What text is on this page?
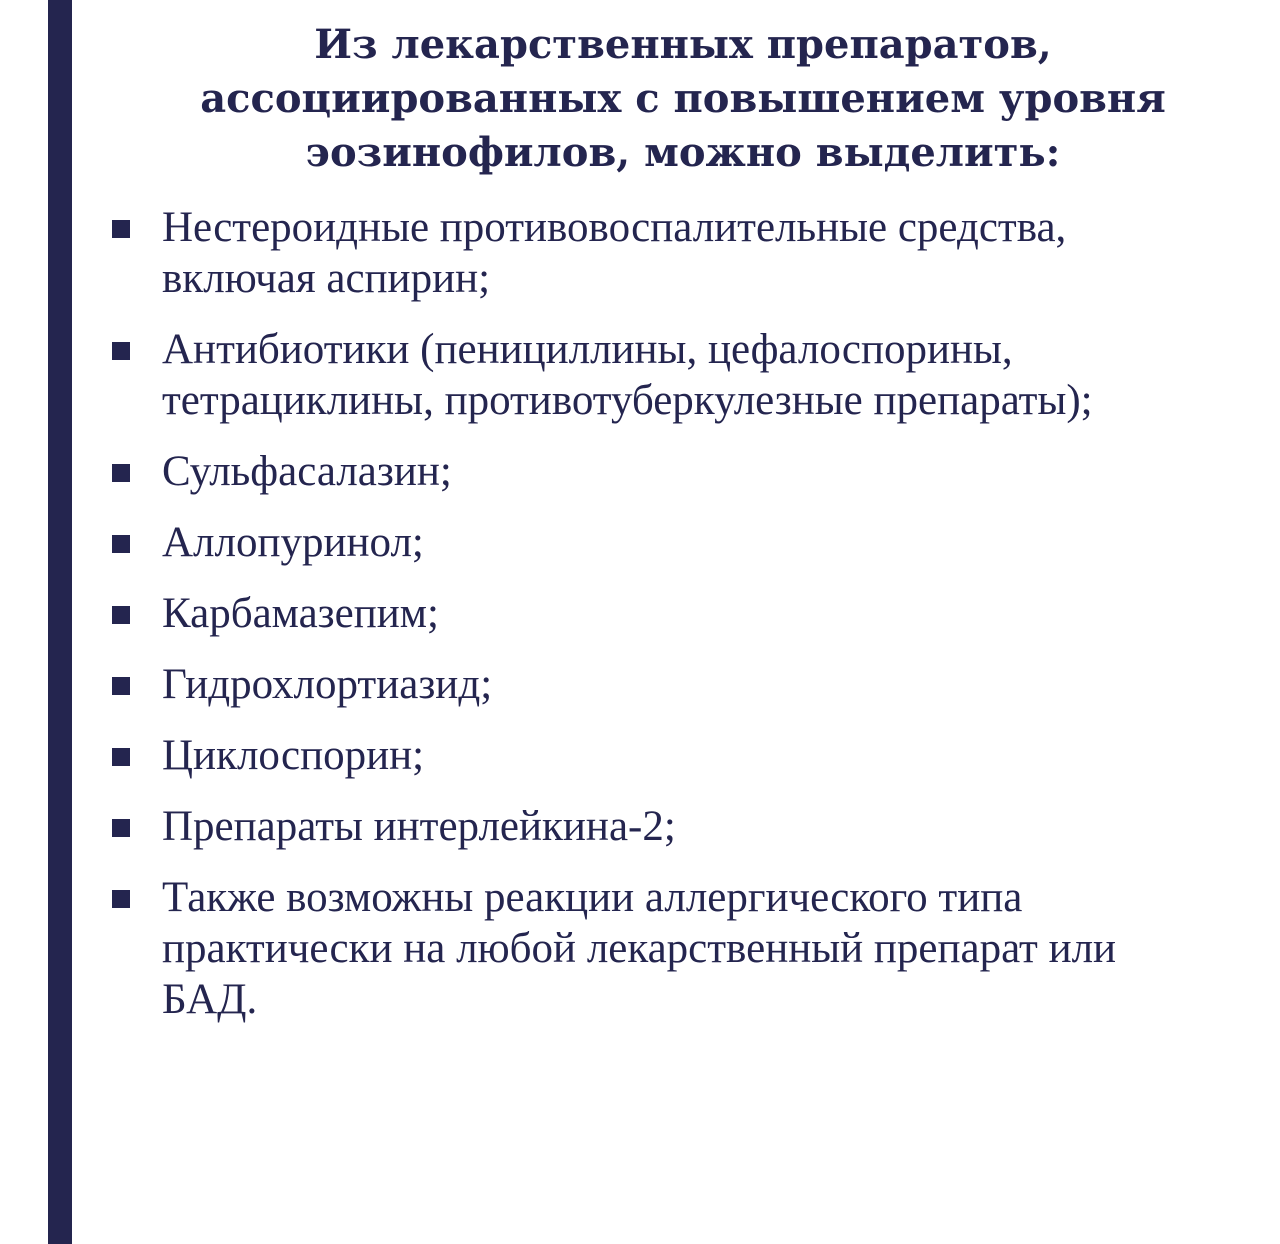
Из лекарственных препаратов,
ассоциированных с повышением уровня
эозинофилов, можно выделить:
Нестероидные противовоспалительные средства,
включая аспирин;
Антибиотики (пенициллины, цефалоспорины,
тетрациклины, противотуберкулезные препараты);
Сульфасалазин;
Аллопуринол;
Карбамазепим;
Гидрохлортиазид;
Циклоспорин;
Препараты интерлейкина-2;
Также возможны реакции аллергического типа
практически на любой лекарственный препарат или
БАД.
